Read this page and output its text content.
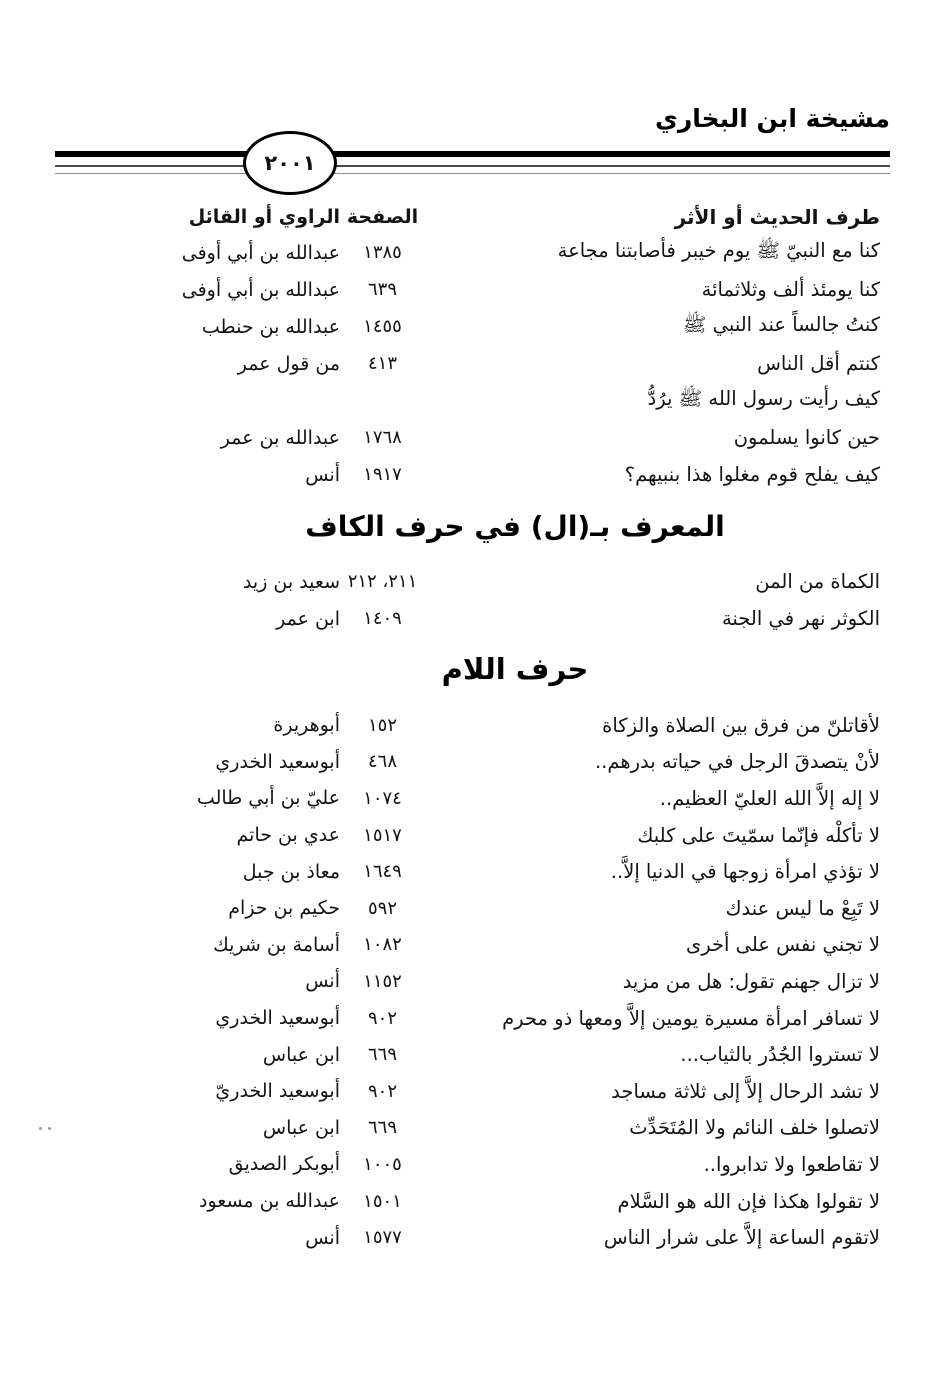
مشيخة ابن البخاري
٢٠٠١
طرف الحديث أو الأثر
الصفحة
الراوي أو القائل
كنا مع النبيّ ﷺ يوم خيبر فأصابتنا مجاعة
١٣٨٥
عبدالله بن أبي أوفى
كنا يومئذ ألف وثلاثمائة
٦٣٩
عبدالله بن أبي أوفى
كنتُ جالساً عند النبي ﷺ
١٤٥٥
عبدالله بن حنطب
كنتم أقل الناس
٤١٣
من قول عمر
كيف رأيت رسول الله ﷺ يرُدُّ
حين كانوا يسلمون
١٧٦٨
عبدالله بن عمر
كيف يفلح قوم مغلوا هذا بنبيهم؟
١٩١٧
أنس
المعرف بـ(ال) في حرف الكاف
الكماة من المن
٢١١، ٢١٢
سعيد بن زيد
الكوثر نهر في الجنة
١٤٠٩
ابن عمر
حرف اللام
لأقاتلنّ من فرق بين الصلاة والزكاة
١٥٢
أبوهريرة
لأنْ يتصدقَ الرجل في حياته بدرهم..
٤٦٨
أبوسعيد الخدري
لا إله إلاَّ الله العليّ العظيم..
١٠٧٤
عليّ بن أبي طالب
لا تأكلْه فإنّما سمّيتَ على كلبك
١٥١٧
عدي بن حاتم
لا تؤذي امرأة زوجها في الدنيا إلاَّ..
١٦٤٩
معاذ بن جبل
لا تَبِعْ ما ليس عندك
٥٩٢
حكيم بن حزام
لا تجني نفس على أخرى
١٠٨٢
أسامة بن شريك
لا تزال جهنم تقول: هل من مزيد
١١٥٢
أنس
لا تسافر امرأة مسيرة يومين إلاَّ ومعها ذو محرم
٩٠٢
أبوسعيد الخدري
لا تستروا الجُدُر بالثياب...
٦٦٩
ابن عباس
لا تشد الرحال إلاَّ إلى ثلاثة مساجد
٩٠٢
أبوسعيد الخدريّ
لاتصلوا خلف النائم ولا المُتَحَدِّث
٦٦٩
ابن عباس
لا تقاطعوا ولا تدابروا..
١٠٠٥
أبوبكر الصديق
لا تقولوا هكذا فإن الله هو السَّلام
١٥٠١
عبدالله بن مسعود
لاتقوم الساعة إلاَّ على شرار الناس
١٥٧٧
أنس
